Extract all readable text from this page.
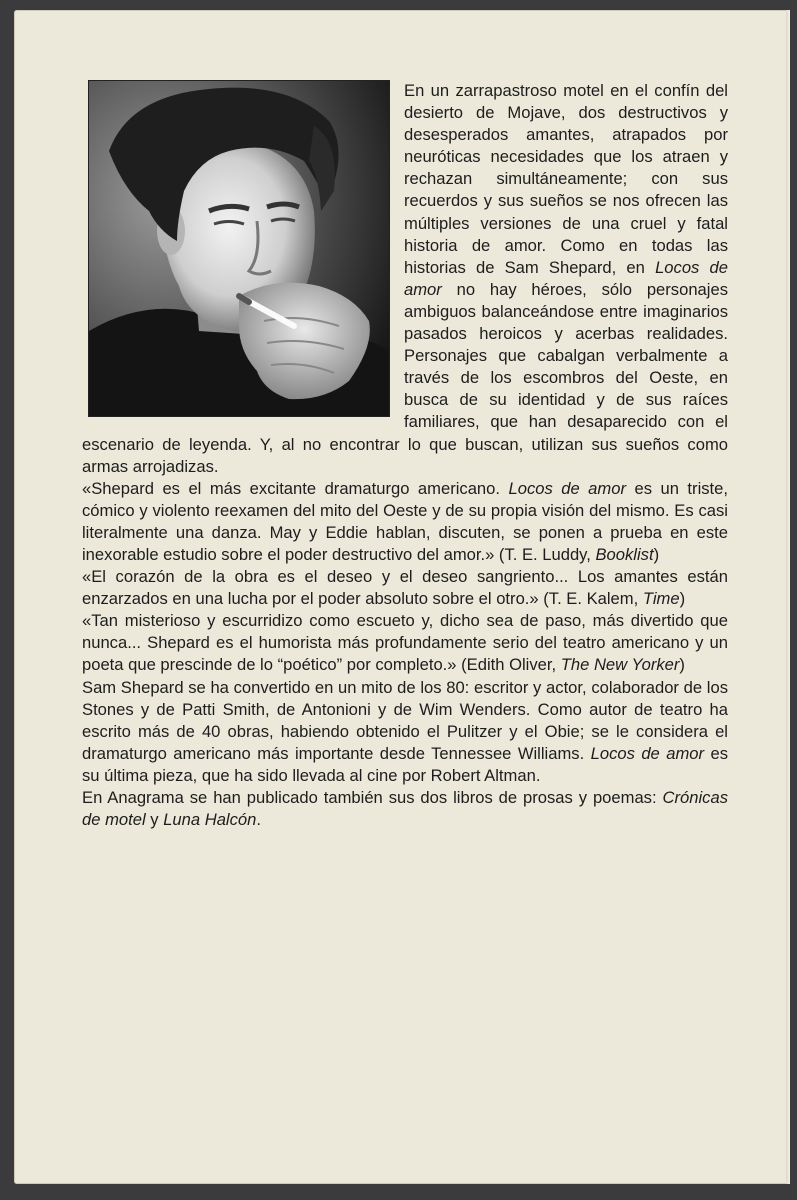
En un zarrapastroso motel en el confín del desierto de Mojave, dos destructivos y desesperados amantes, atrapados por neuróticas necesidades que los atraen y rechazan simultáneamente; con sus recuerdos y sus sueños se nos ofrecen las múltiples versiones de una cruel y fatal historia de amor. Como en todas las historias de Sam Shepard, en Locos de amor no hay héroes, sólo personajes ambiguos balanceándose entre imaginarios pasados heroicos y acerbas realidades. Personajes que cabalgan verbalmente a través de los escombros del Oeste, en busca de su identidad y de sus raíces familiares, que han desaparecido con el escenario de leyenda. Y, al no encontrar lo que buscan, utilizan sus sueños como armas arrojadizas.

«Shepard es el más excitante dramaturgo americano. Locos de amor es un triste, cómico y violento reexamen del mito del Oeste y de su propia visión del mismo. Es casi literalmente una danza. May y Eddie hablan, discuten, se ponen a prueba en este inexorable estudio sobre el poder destructivo del amor.» (T. E. Luddy, Booklist)

«El corazón de la obra es el deseo y el deseo sangriento... Los amantes están enzarzados en una lucha por el poder absoluto sobre el otro.» (T. E. Kalem, Time)

«Tan misterioso y escurridizo como escueto y, dicho sea de paso, más divertido que nunca... Shepard es el humorista más profundamente serio del teatro americano y un poeta que prescinde de lo “poético” por completo.» (Edith Oliver, The New Yorker)

Sam Shepard se ha convertido en un mito de los 80: escritor y actor, colaborador de los Stones y de Patti Smith, de Antonioni y de Wim Wenders. Como autor de teatro ha escrito más de 40 obras, habiendo obtenido el Pulitzer y el Obie; se le considera el dramaturgo americano más importante desde Tennessee Williams. Locos de amor es su última pieza, que ha sido llevada al cine por Robert Altman.

En Anagrama se han publicado también sus dos libros de prosas y poemas: Crónicas de motel y Luna Halcón.
